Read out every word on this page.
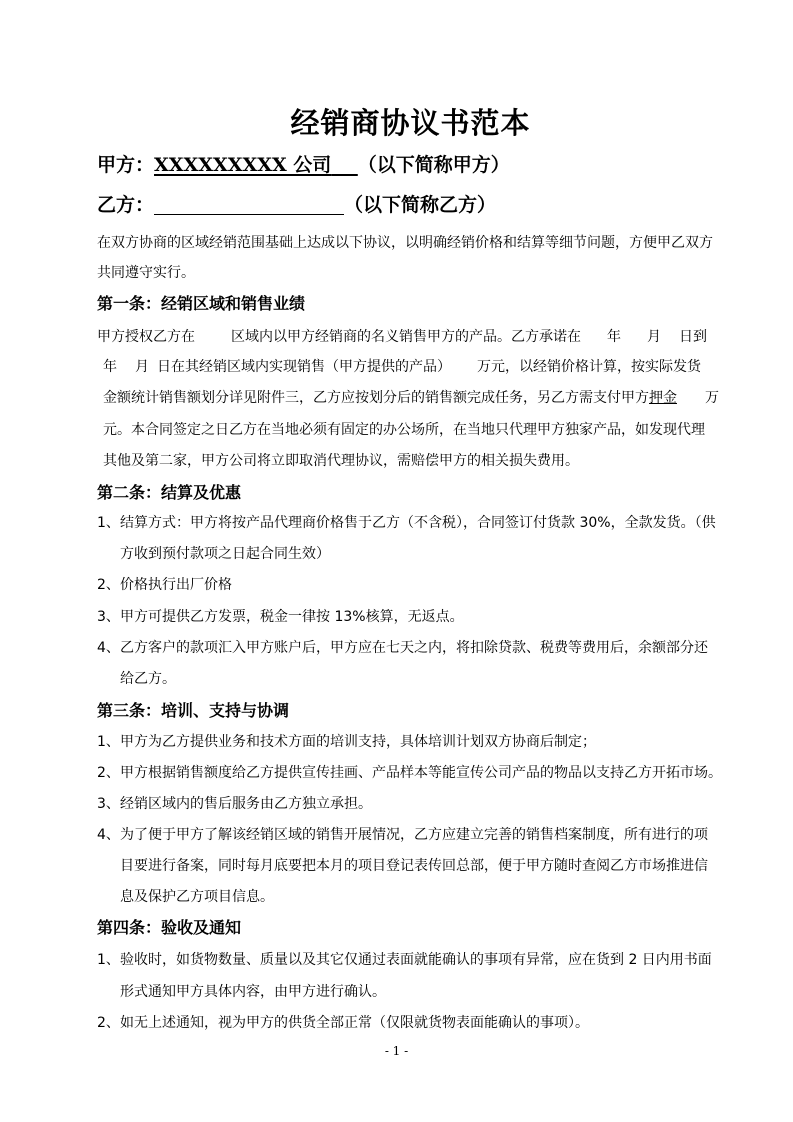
经销商协议书范本
甲方：XXXXXXXXX 公司 （以下简称甲方）
乙方：	（以下简称乙方）
在双方协商的区域经销范围基础上达成以下协议，以明确经销价格和结算等细节问题，方便甲乙双方
共同遵守实行。
第一条：经销区域和销售业绩
甲方授权乙方在	区域内以甲方经销商的名义销售甲方的产品。乙方承诺在 年 月 日到
年 月 日在其经销区域内实现销售（甲方提供的产品） 万元，以经销价格计算，按实际发货
金额统计销售额划分详见附件三，乙方应按划分后的销售额完成任务，另乙方需支付甲方押金 万
元。本合同签定之日乙方在当地必须有固定的办公场所，在当地只代理甲方独家产品，如发现代理
其他及第二家，甲方公司将立即取消代理协议，需赔偿甲方的相关损失费用。
第二条：结算及优惠
1、结算方式：甲方将按产品代理商价格售于乙方（不含税），合同签订付货款 30%，全款发货。（供
方收到预付款项之日起合同生效）
2、价格执行出厂价格
3、甲方可提供乙方发票，税金一律按 13%核算，无返点。
4、乙方客户的款项汇入甲方账户后，甲方应在七天之内，将扣除贷款、税费等费用后，余额部分还
给乙方。
第三条：培训、支持与协调
1、甲方为乙方提供业务和技术方面的培训支持，具体培训计划双方协商后制定；
2、甲方根据销售额度给乙方提供宣传挂画、产品样本等能宣传公司产品的物品以支持乙方开拓市场。
3、经销区域内的售后服务由乙方独立承担。
4、为了便于甲方了解该经销区域的销售开展情况，乙方应建立完善的销售档案制度，所有进行的项
目要进行备案，同时每月底要把本月的项目登记表传回总部，便于甲方随时查阅乙方市场推进信
息及保护乙方项目信息。
第四条：验收及通知
1、验收时，如货物数量、质量以及其它仅通过表面就能确认的事项有异常，应在货到 2 日内用书面
形式通知甲方具体内容，由甲方进行确认。
2、如无上述通知，视为甲方的供货全部正常（仅限就货物表面能确认的事项）。
- 1 -
